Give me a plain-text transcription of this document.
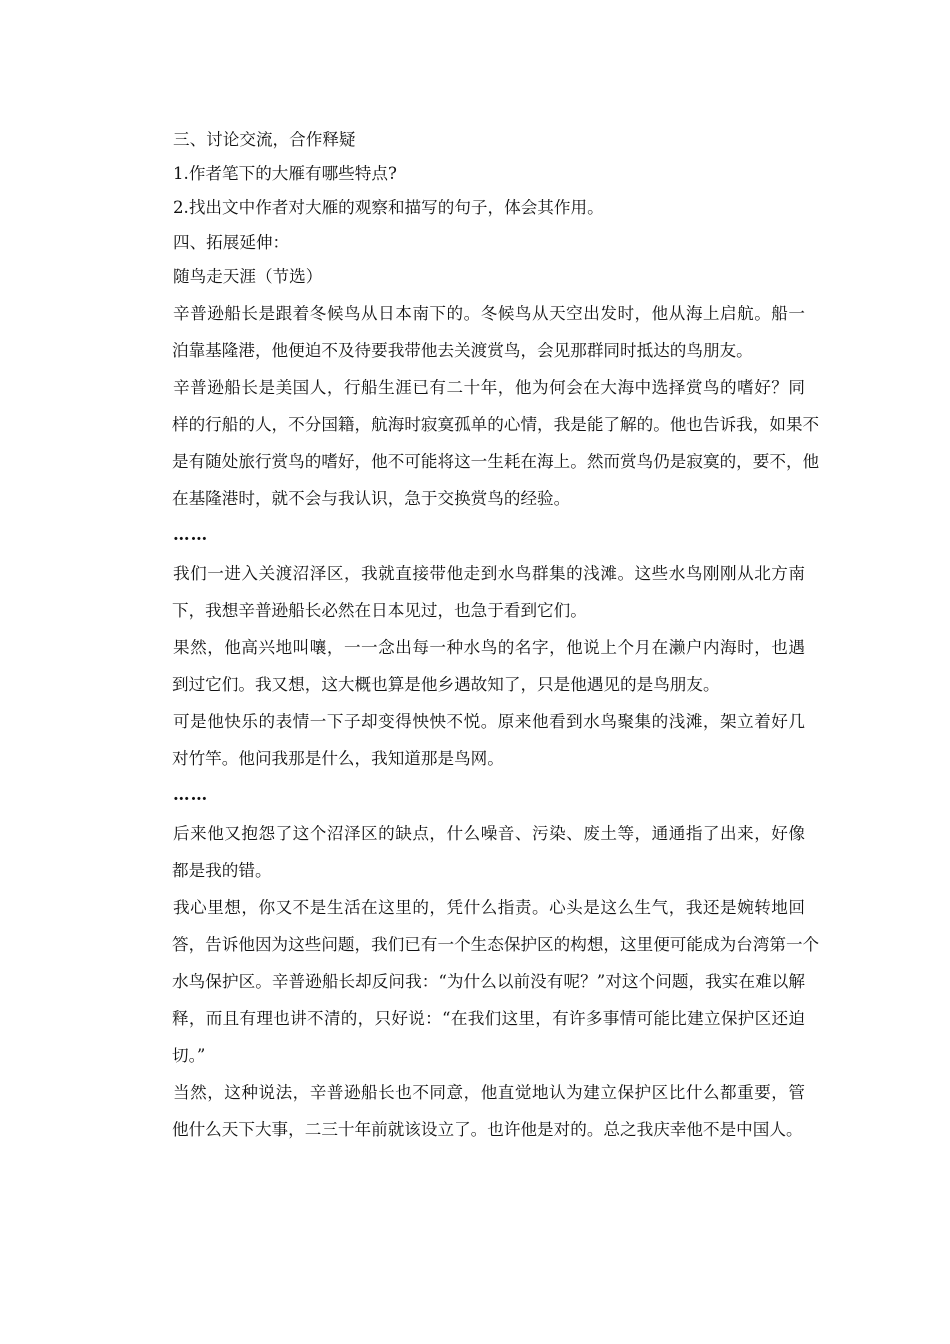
三、讨论交流，合作释疑
1.作者笔下的大雁有哪些特点?
2.找出文中作者对大雁的观察和描写的句子，体会其作用。
四、拓展延伸：
随鸟走天涯（节选）
辛普逊船长是跟着冬候鸟从日本南下的。冬候鸟从天空出发时，他从海上启航。船一
泊靠基隆港，他便迫不及待要我带他去关渡赏鸟，会见那群同时抵达的鸟朋友。
辛普逊船长是美国人，行船生涯已有二十年，他为何会在大海中选择赏鸟的嗜好？同
样的行船的人，不分国籍，航海时寂寞孤单的心情，我是能了解的。他也告诉我，如果不
是有随处旅行赏鸟的嗜好，他不可能将这一生耗在海上。然而赏鸟仍是寂寞的，要不，他
在基隆港时，就不会与我认识，急于交换赏鸟的经验。
……
我们一进入关渡沼泽区，我就直接带他走到水鸟群集的浅滩。这些水鸟刚刚从北方南
下，我想辛普逊船长必然在日本见过，也急于看到它们。
果然，他高兴地叫嚷，一一念出每一种水鸟的名字，他说上个月在濑户内海时，也遇
到过它们。我又想，这大概也算是他乡遇故知了，只是他遇见的是鸟朋友。
可是他快乐的表情一下子却变得怏怏不悦。原来他看到水鸟聚集的浅滩，架立着好几
对竹竿。他问我那是什么，我知道那是鸟网。
……
后来他又抱怨了这个沼泽区的缺点，什么噪音、污染、废土等，通通指了出来，好像
都是我的错。
我心里想，你又不是生活在这里的，凭什么指责。心头是这么生气，我还是婉转地回
答，告诉他因为这些问题，我们已有一个生态保护区的构想，这里便可能成为台湾第一个
水鸟保护区。辛普逊船长却反问我：“为什么以前没有呢？”对这个问题，我实在难以解
释，而且有理也讲不清的，只好说：“在我们这里，有许多事情可能比建立保护区还迫
切。”
当然，这种说法，辛普逊船长也不同意，他直觉地认为建立保护区比什么都重要，管
他什么天下大事，二三十年前就该设立了。也许他是对的。总之我庆幸他不是中国人。
